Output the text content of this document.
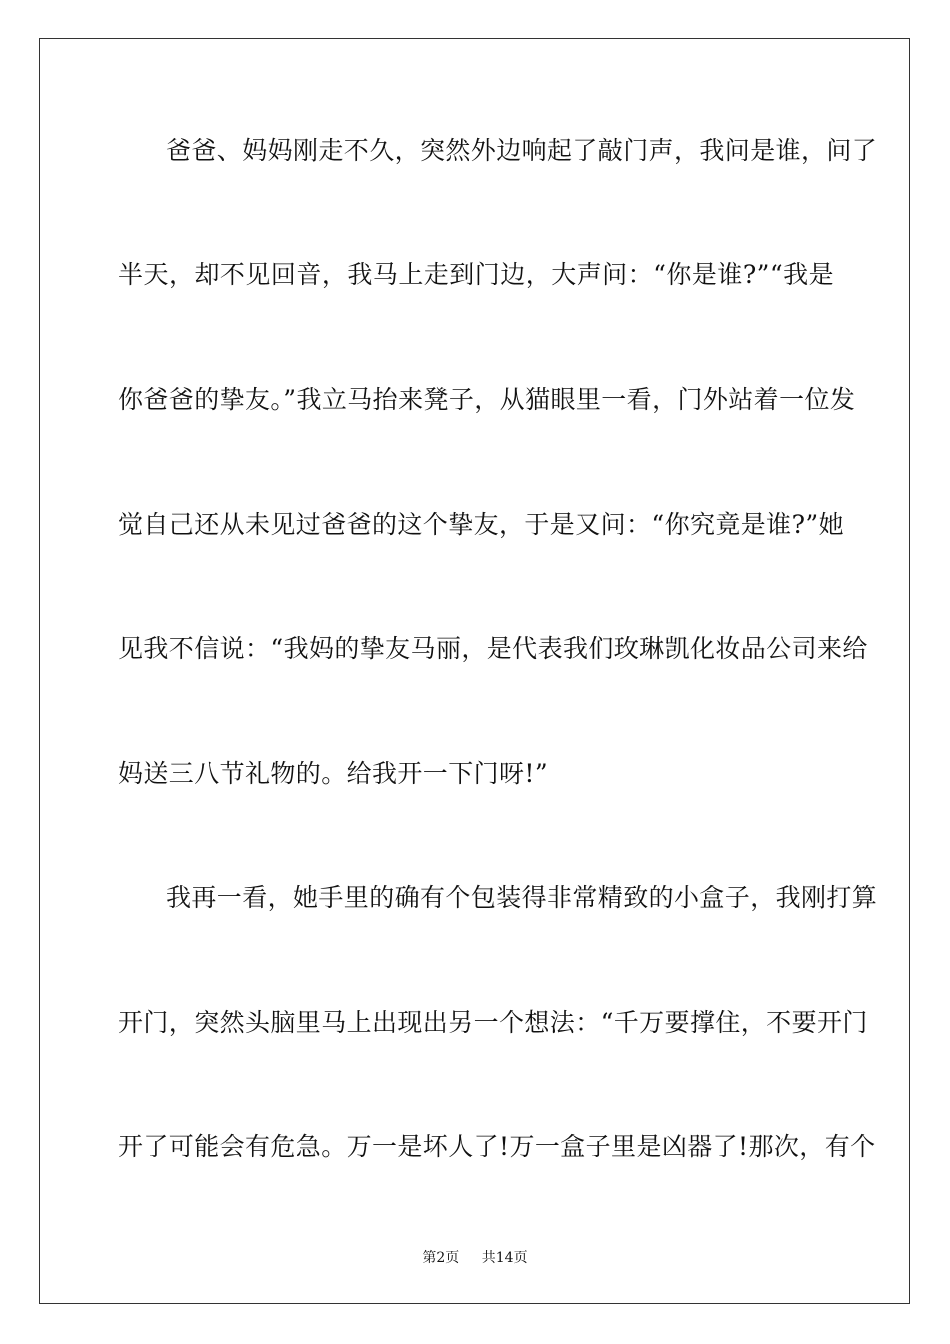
爸爸、妈妈刚走不久，突然外边响起了敲门声，我问是谁，问了
半天，却不见回音，我马上走到门边，大声问：“你是谁?”“我是
你爸爸的挚友。”我立马抬来凳子，从猫眼里一看，门外站着一位发
觉自己还从未见过爸爸的这个挚友，于是又问：“你究竟是谁?”她
见我不信说：“我妈的挚友马丽，是代表我们玫琳凯化妆品公司来给
妈送三八节礼物的。给我开一下门呀!”
我再一看，她手里的确有个包装得非常精致的小盒子，我刚打算
开门，突然头脑里马上出现出另一个想法：“千万要撑住，不要开门
开了可能会有危急。万一是坏人了!万一盒子里是凶器了!那次，有个
第2页 共14页
